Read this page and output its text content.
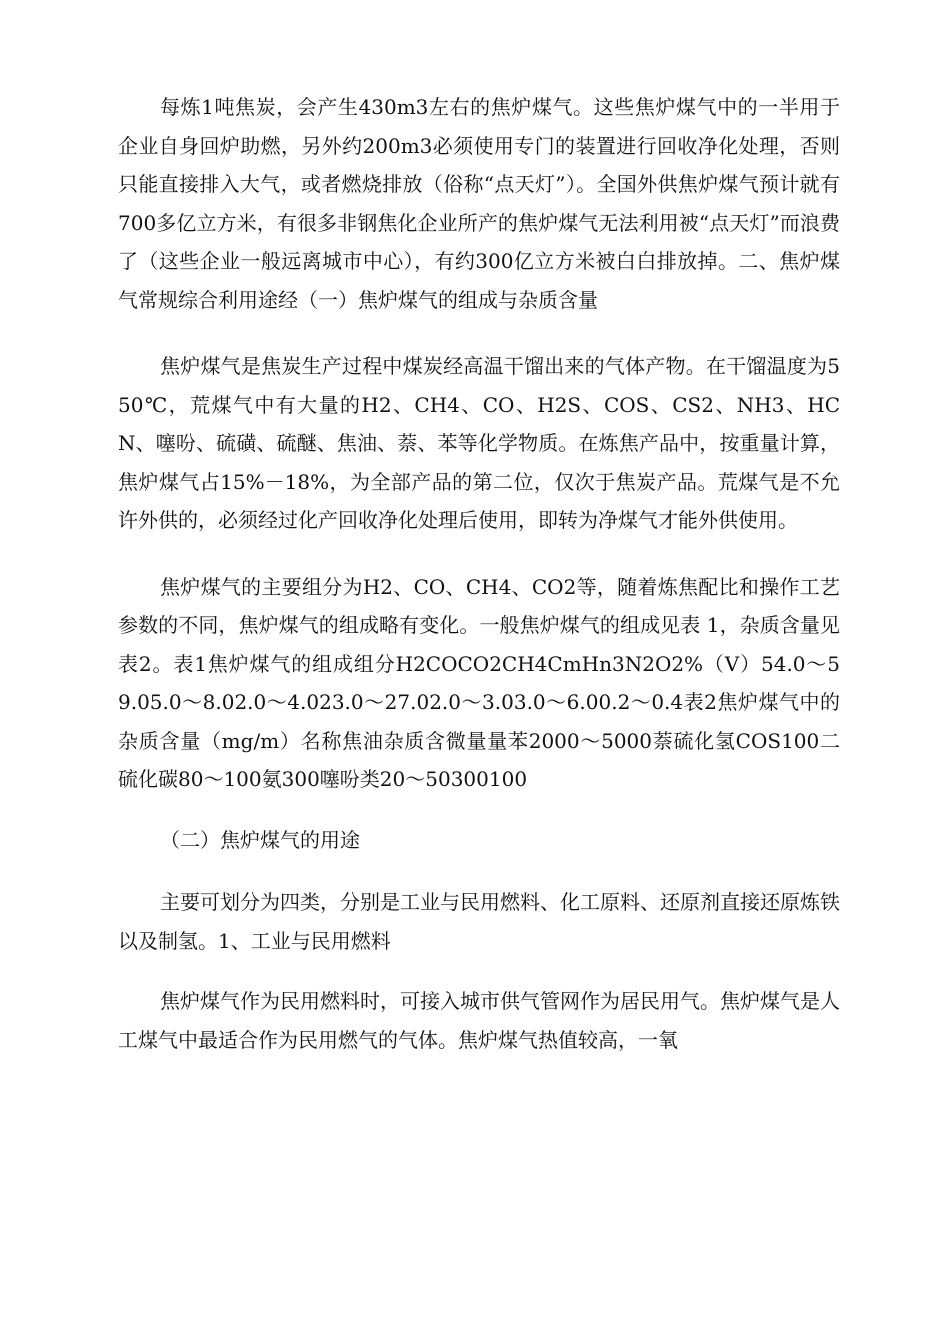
每炼1吨焦炭，会产生430m3左右的焦炉煤气。这些焦炉煤气中的一半用于企业自身回炉助燃，另外约200m3必须使用专门的装置进行回收净化处理，否则只能直接排入大气，或者燃烧排放（俗称“点天灯”）。全国外供焦炉煤气预计就有700多亿立方米，有很多非钢焦化企业所产的焦炉煤气无法利用被“点天灯”而浪费了（这些企业一般远离城市中心），有约300亿立方米被白白排放掉。二、焦炉煤气常规综合利用途经（一）焦炉煤气的组成与杂质含量

焦炉煤气是焦炭生产过程中煤炭经高温干馏出来的气体产物。在干馏温度为550℃，荒煤气中有大量的H2、CH4、CO、H2S、COS、CS2、NH3、HCN、噻吩、硫磺、硫醚、焦油、萘、苯等化学物质。在炼焦产品中，按重量计算，焦炉煤气占15%－18%，为全部产品的第二位，仅次于焦炭产品。荒煤气是不允许外供的，必须经过化产回收净化处理后使用，即转为净煤气才能外供使用。

焦炉煤气的主要组分为H2、CO、CH4、CO2等，随着炼焦配比和操作工艺参数的不同，焦炉煤气的组成略有变化。一般焦炉煤气的组成见表 1，杂质含量见表2。表1焦炉煤气的组成组分H2COCO2CH4CmHn3N2O2%（V）54.0～59.05.0～8.02.0～4.023.0～27.02.0～3.03.0～6.00.2～0.4表2焦炉煤气中的杂质含量（mg/m）名称焦油杂质含微量量苯2000～5000萘硫化氢COS100二硫化碳80～100氨300噻吩类20～50300100

（二）焦炉煤气的用途

主要可划分为四类，分别是工业与民用燃料、化工原料、还原剂直接还原炼铁以及制氢。1、工业与民用燃料

焦炉煤气作为民用燃料时，可接入城市供气管网作为居民用气。焦炉煤气是人工煤气中最适合作为民用燃气的气体。焦炉煤气热值较高，一氧
